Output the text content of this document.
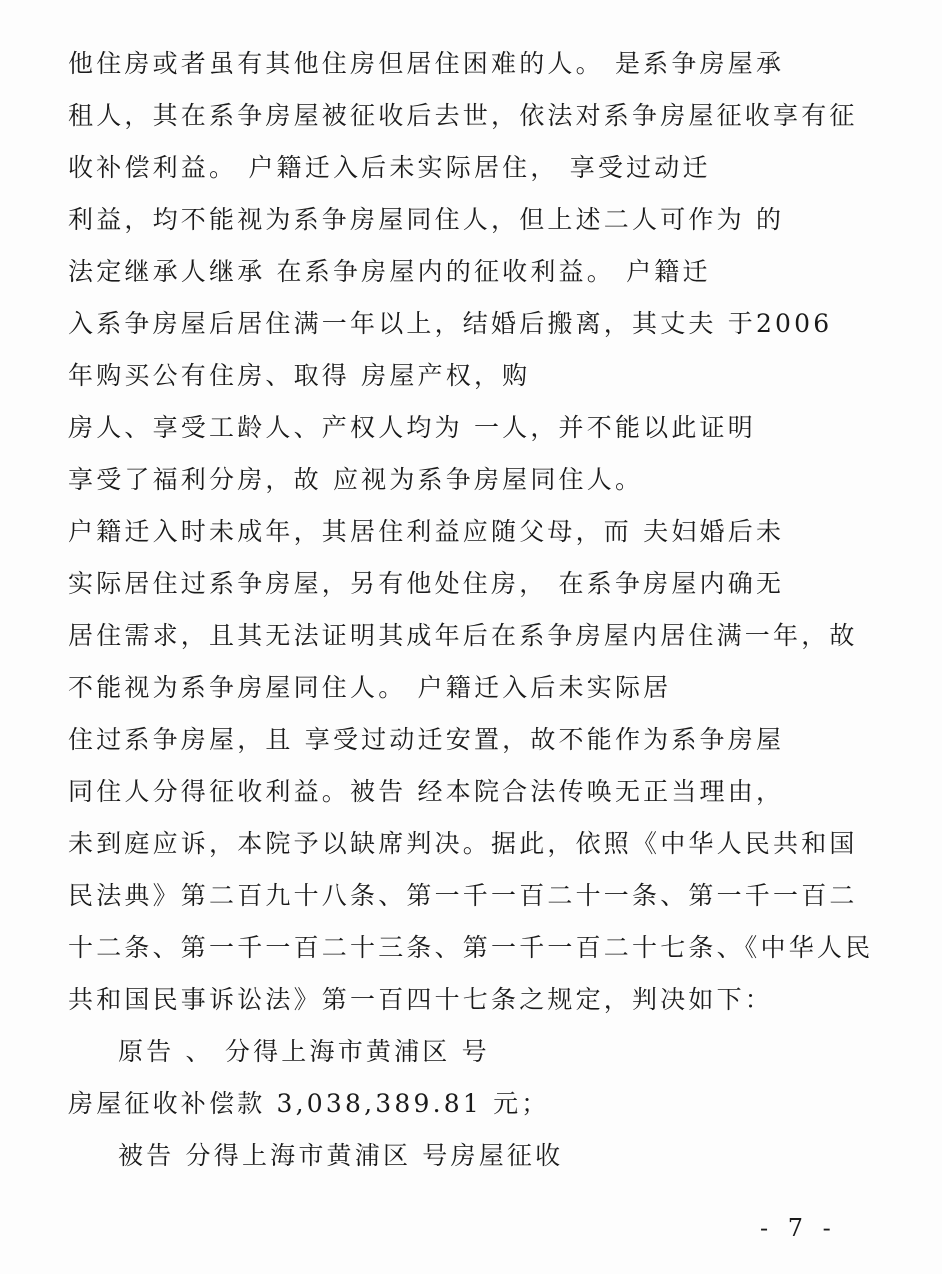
他住房或者虽有其他住房但居住困难的人。 是系争房屋承
租人，其在系争房屋被征收后去世，依法对系争房屋征收享有征
收补偿利益。 户籍迁入后未实际居住， 享受过动迁
利益，均不能视为系争房屋同住人，但上述二人可作为 的
法定继承人继承 在系争房屋内的征收利益。 户籍迁
入系争房屋后居住满一年以上，结婚后搬离，其丈夫 于2006
年购买公有住房、取得 房屋产权，购
房人、享受工龄人、产权人均为 一人，并不能以此证明
享受了福利分房，故 应视为系争房屋同住人。
户籍迁入时未成年，其居住利益应随父母，而 夫妇婚后未
实际居住过系争房屋，另有他处住房， 在系争房屋内确无
居住需求，且其无法证明其成年后在系争房屋内居住满一年，故
不能视为系争房屋同住人。 户籍迁入后未实际居
住过系争房屋，且 享受过动迁安置，故不能作为系争房屋
同住人分得征收利益。被告 经本院合法传唤无正当理由，
未到庭应诉，本院予以缺席判决。据此，依照《中华人民共和国
民法典》第二百九十八条、第一千一百二十一条、第一千一百二
十二条、第一千一百二十三条、第一千一百二十七条、《中华人民
共和国民事诉讼法》第一百四十七条之规定，判决如下：
原告 、 分得上海市黄浦区 号
房屋征收补偿款 3,038,389.81 元；
被告 分得上海市黄浦区 号房屋征收
- 7 -
